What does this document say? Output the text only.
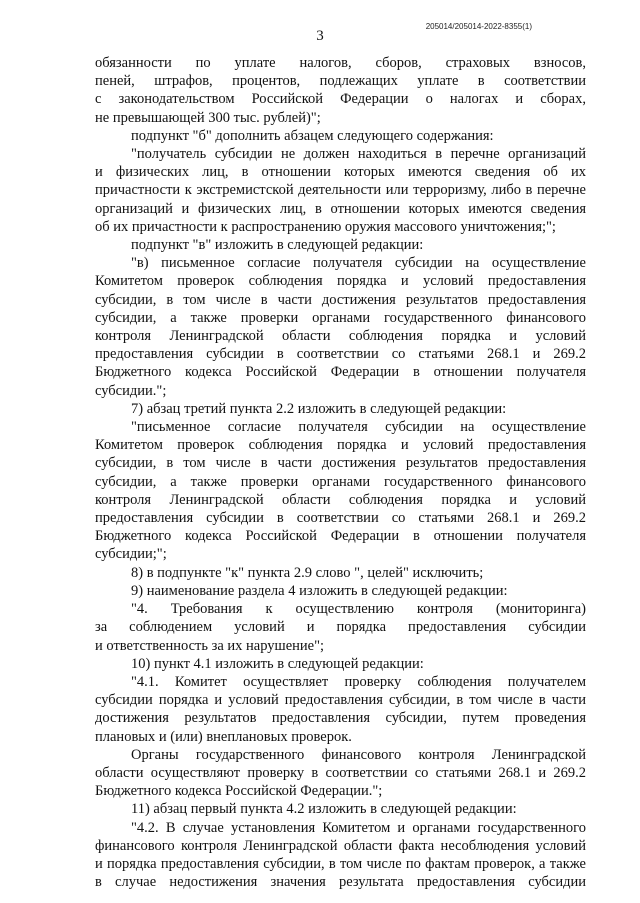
3
205014/205014-2022-8355(1)
обязанности по уплате налогов, сборов, страховых взносов,
пеней, штрафов, процентов, подлежащих уплате в соответствии
с законодательством Российской Федерации о налогах и сборах,
не превышающей 300 тыс. рублей)";
подпункт "б" дополнить абзацем следующего содержания:
"получатель субсидии не должен находиться в перечне организаций
и физических лиц, в отношении которых имеются сведения об их
причастности к экстремистской деятельности или терроризму, либо в перечне
организаций и физических лиц, в отношении которых имеются сведения
об их причастности к распространению оружия массового уничтожения;";
подпункт "в" изложить в следующей редакции:
"в) письменное согласие получателя субсидии на осуществление
Комитетом проверок соблюдения порядка и условий предоставления
субсидии, в том числе в части достижения результатов предоставления
субсидии, а также проверки органами государственного финансового
контроля Ленинградской области соблюдения порядка и условий
предоставления субсидии в соответствии со статьями 268.1 и 269.2
Бюджетного кодекса Российской Федерации в отношении получателя
субсидии.";
7) абзац третий пункта 2.2 изложить в следующей редакции:
"письменное согласие получателя субсидии на осуществление
Комитетом проверок соблюдения порядка и условий предоставления
субсидии, в том числе в части достижения результатов предоставления
субсидии, а также проверки органами государственного финансового
контроля Ленинградской области соблюдения порядка и условий
предоставления субсидии в соответствии со статьями 268.1 и 269.2
Бюджетного кодекса Российской Федерации в отношении получателя
субсидии;";
8) в подпункте "к" пункта 2.9 слово ", целей" исключить;
9) наименование раздела 4 изложить в следующей редакции:
"4. Требования к осуществлению контроля (мониторинга)
за соблюдением условий и порядка предоставления субсидии
и ответственность за их нарушение";
10) пункт 4.1 изложить в следующей редакции:
"4.1. Комитет осуществляет проверку соблюдения получателем
субсидии порядка и условий предоставления субсидии, в том числе в части
достижения результатов предоставления субсидии, путем проведения
плановых и (или) внеплановых проверок.
Органы государственного финансового контроля Ленинградской
области осуществляют проверку в соответствии со статьями 268.1 и 269.2
Бюджетного кодекса Российской Федерации.";
11) абзац первый пункта 4.2 изложить в следующей редакции:
"4.2. В случае установления Комитетом и органами государственного
финансового контроля Ленинградской области факта несоблюдения условий
и порядка предоставления субсидии, в том числе по фактам проверок, а также
в случае недостижения значения результата предоставления субсидии
